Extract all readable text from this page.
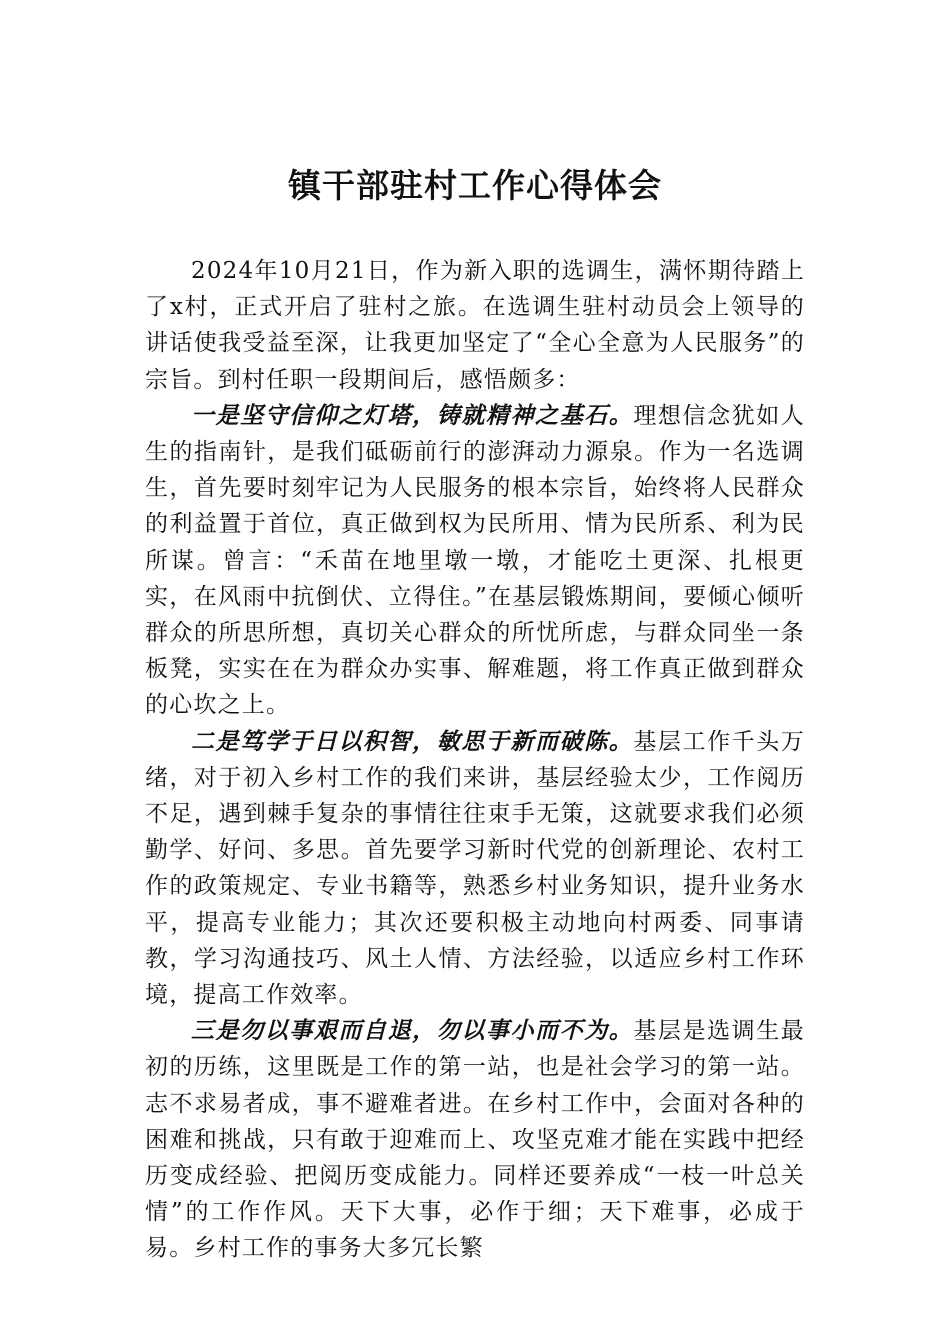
镇干部驻村工作心得体会

2024年10月21日，作为新入职的选调生，满怀期待踏上了x村，正式开启了驻村之旅。在选调生驻村动员会上领导的讲话使我受益至深，让我更加坚定了“全心全意为人民服务”的宗旨。到村任职一段期间后，感悟颇多：

一是坚守信仰之灯塔，铸就精神之基石。理想信念犹如人生的指南针，是我们砥砺前行的澎湃动力源泉。作为一名选调生，首先要时刻牢记为人民服务的根本宗旨，始终将人民群众的利益置于首位，真正做到权为民所用、情为民所系、利为民所谋。曾言：“禾苗在地里墩一墩，才能吃土更深、扎根更实，在风雨中抗倒伏、立得住。”在基层锻炼期间，要倾心倾听群众的所思所想，真切关心群众的所忧所虑，与群众同坐一条板凳，实实在在为群众办实事、解难题，将工作真正做到群众的心坎之上。

二是笃学于日以积智，敏思于新而破陈。基层工作千头万绪，对于初入乡村工作的我们来讲，基层经验太少，工作阅历不足，遇到棘手复杂的事情往往束手无策，这就要求我们必须勤学、好问、多思。首先要学习新时代党的创新理论、农村工作的政策规定、专业书籍等，熟悉乡村业务知识，提升业务水平，提高专业能力；其次还要积极主动地向村两委、同事请教，学习沟通技巧、风土人情、方法经验，以适应乡村工作环境，提高工作效率。

三是勿以事艰而自退，勿以事小而不为。基层是选调生最初的历练，这里既是工作的第一站，也是社会学习的第一站。志不求易者成，事不避难者进。在乡村工作中，会面对各种的困难和挑战，只有敢于迎难而上、攻坚克难才能在实践中把经历变成经验、把阅历变成能力。同样还要养成“一枝一叶总关情”的工作作风。天下大事，必作于细；天下难事，必成于易。乡村工作的事务大多冗长繁
